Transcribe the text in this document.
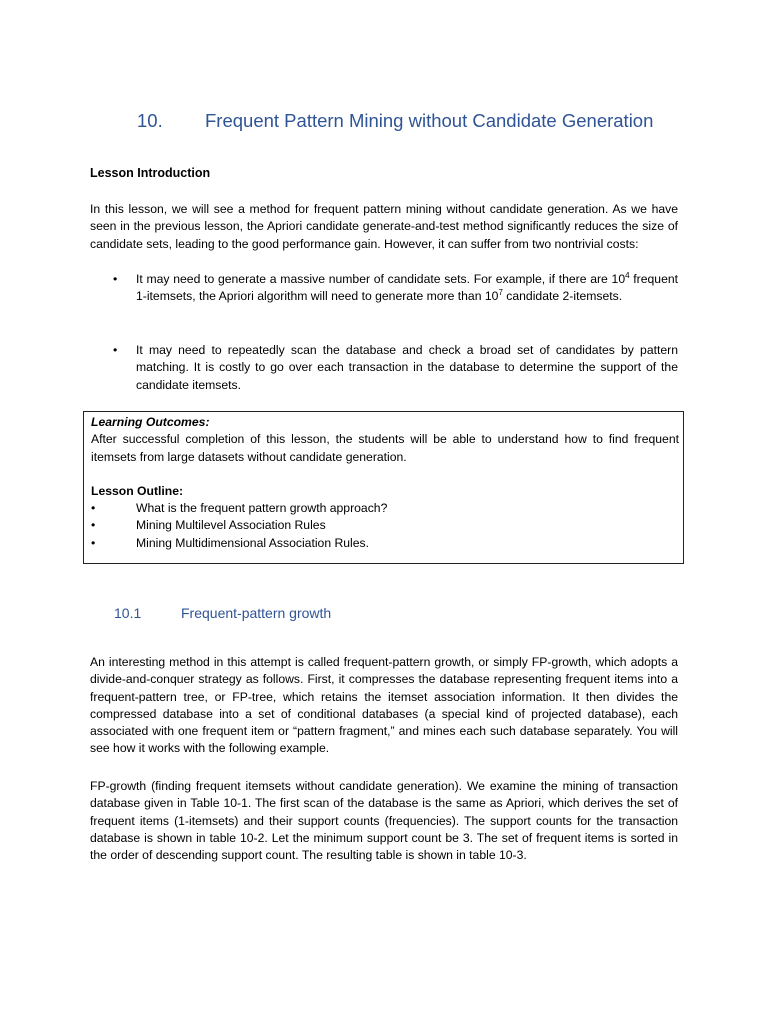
10. Frequent Pattern Mining without Candidate Generation
Lesson Introduction
In this lesson, we will see a method for frequent pattern mining without candidate generation. As we have seen in the previous lesson, the Apriori candidate generate-and-test method significantly reduces the size of candidate sets, leading to the good performance gain. However, it can suffer from two nontrivial costs:
• It may need to generate a massive number of candidate sets. For example, if there are $10^4$ frequent 1-itemsets, the Apriori algorithm will need to generate more than $10^7$ candidate 2-itemsets.
• It may need to repeatedly scan the database and check a broad set of candidates by pattern matching. It is costly to go over each transaction in the database to determine the support of the candidate itemsets.
Learning Outcomes:
After successful completion of this lesson, the students will be able to understand how to find frequent itemsets from large datasets without candidate generation.
Lesson Outline:
•	What is the frequent pattern growth approach?
•	Mining Multilevel Association Rules
•	Mining Multidimensional Association Rules.
10.1	Frequent-pattern growth
An interesting method in this attempt is called frequent-pattern growth, or simply FP-growth, which adopts a divide-and-conquer strategy as follows. First, it compresses the database representing frequent items into a frequent-pattern tree, or FP-tree, which retains the itemset association information. It then divides the compressed database into a set of conditional databases (a special kind of projected database), each associated with one frequent item or “pattern fragment,” and mines each such database separately. You will see how it works with the following example.
FP-growth (finding frequent itemsets without candidate generation). We examine the mining of transaction database given in Table 10-1. The first scan of the database is the same as Apriori, which derives the set of frequent items (1-itemsets) and their support counts (frequencies). The support counts for the transaction database is shown in table 10-2. Let the minimum support count be 3. The set of frequent items is sorted in the order of descending support count. The resulting table is shown in table 10-3.
